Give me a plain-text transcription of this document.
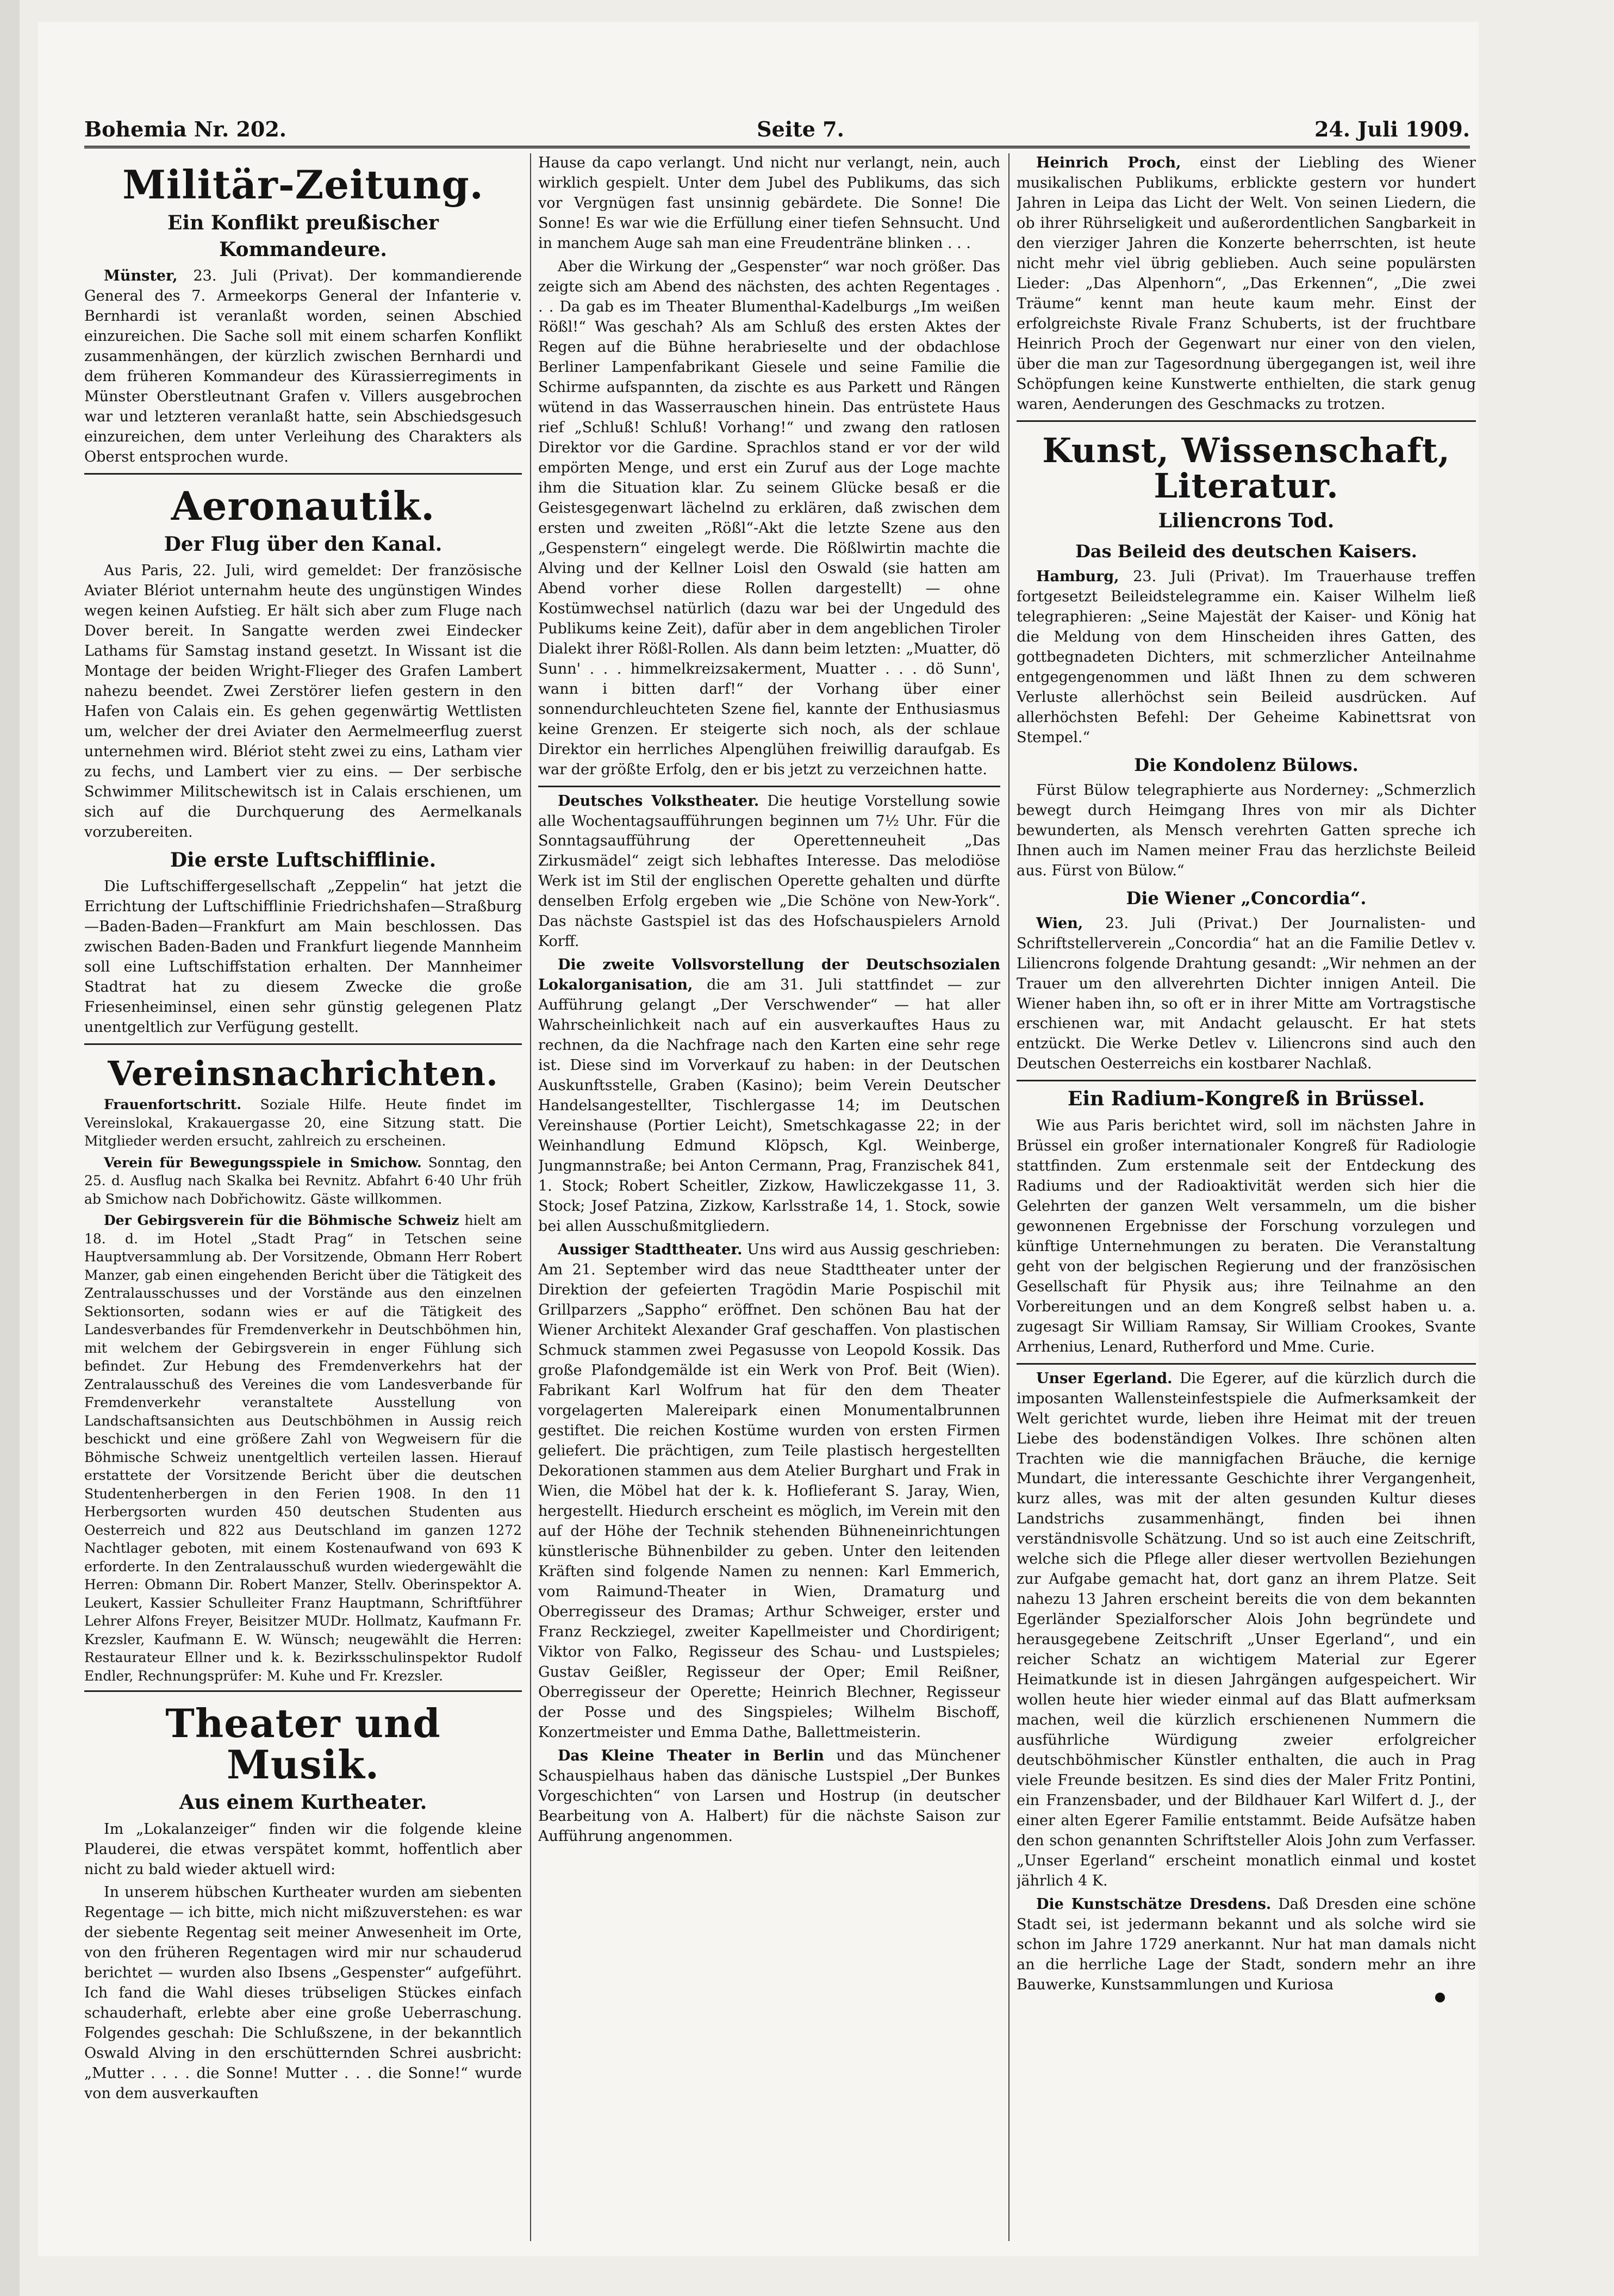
Bohemia Nr. 202.	Seite 7.	24. Juli 1909.
Militär-Zeitung.
Ein Konflikt preußischer Kommandeure.

Münster, 23. Juli (Privat). Der kommandierende General des 7. Armeekorps General der Infanterie v. Bernhardi ist veranlaßt worden, seinen Abschied einzureichen. Die Sache soll mit einem scharfen Konflikt zusammenhängen, der kürzlich zwischen Bernhardi und dem früheren Kommandeur des Kürassierregiments in Münster Oberstleutnant Grafen v. Villers ausgebrochen war und letzteren veranlaßt hatte, sein Abschiedsgesuch einzureichen, dem unter Verleihung des Charakters als Oberst entsprochen wurde.

Aeronautik.
Der Flug über den Kanal.

Aus Paris, 22. Juli, wird gemeldet: Der französische Aviater Blériot unternahm heute des ungünstigen Windes wegen keinen Aufstieg. Er hält sich aber zum Fluge nach Dover bereit. In Sangatte werden zwei Eindecker Lathams für Samstag instand gesetzt. In Wissant ist die Montage der beiden Wright-Flieger des Grafen Lambert nahezu beendet. Zwei Zerstörer liefen gestern in den Hafen von Calais ein. Es gehen gegenwärtig Wettlisten um, welcher der drei Aviater den Aermelmeerflug zuerst unternehmen wird. Blériot steht zwei zu eins, Latham vier zu fechs, und Lambert vier zu eins. — Der serbische Schwimmer Militschewitsch ist in Calais erschienen, um sich auf die Durchquerung des Aermelkanals vorzubereiten.

Die erste Luftschifflinie.

Die Luftschiffergesellschaft „Zeppelin“ hat jetzt die Errichtung der Luftschifflinie Friedrichshafen—Straßburg—Baden-Baden—Frankfurt am Main beschlossen. Das zwischen Baden-Baden und Frankfurt liegende Mannheim soll eine Luftschiffstation erhalten. Der Mannheimer Stadtrat hat zu diesem Zwecke die große Friesenheiminsel, einen sehr günstig gelegenen Platz unentgeltlich zur Verfügung gestellt.

Vereinsnachrichten.

Frauenfortschritt. Soziale Hilfe. Heute findet im Vereinslokal, Krakauergasse 20, eine Sitzung statt. Die Mitglieder werden ersucht, zahlreich zu erscheinen.

Verein für Bewegungsspiele in Smichow. Sonntag, den 25. d. Ausflug nach Skalka bei Revnitz. Abfahrt 6·40 Uhr früh ab Smichow nach Dobřichowitz. Gäste willkommen.

Der Gebirgsverein für die Böhmische Schweiz hielt am 18. d. im Hotel „Stadt Prag“ in Tetschen seine Hauptversammlung ab. Der Vorsitzende, Obmann Herr Robert Manzer, gab einen eingehenden Bericht über die Tätigkeit des Zentralausschusses und der Vorstände aus den einzelnen Sektionsorten, sodann wies er auf die Tätigkeit des Landesverbandes für Fremdenverkehr in Deutschböhmen hin, mit welchem der Gebirgsverein in enger Fühlung sich befindet. Zur Hebung des Fremdenverkehrs hat der Zentralausschuß des Vereines die vom Landesverbande für Fremdenverkehr veranstaltete Ausstellung von Landschaftsansichten aus Deutschböhmen in Aussig reich beschickt und eine größere Zahl von Wegweisern für die Böhmische Schweiz unentgeltlich verteilen lassen. Hierauf erstattete der Vorsitzende Bericht über die deutschen Studentenherbergen in den Ferien 1908. In den 11 Herbergsorten wurden 450 deutschen Studenten aus Oesterreich und 822 aus Deutschland im ganzen 1272 Nachtlager geboten, mit einem Kostenaufwand von 693 K erforderte. In den Zentralausschuß wurden wiedergewählt die Herren: Obmann Dir. Robert Manzer, Stellv. Oberinspektor A. Leukert, Kassier Schulleiter Franz Hauptmann, Schriftführer Lehrer Alfons Freyer, Beisitzer MUDr. Hollmatz, Kaufmann Fr. Krezsler, Kaufmann E. W. Wünsch; neugewählt die Herren: Restaurateur Ellner und k. k. Bezirksschulinspektor Rudolf Endler, Rechnungsprüfer: M. Kuhe und Fr. Krezsler.

Theater und Musik.
Aus einem Kurtheater.

Im „Lokalanzeiger“ finden wir die folgende kleine Plauderei, die etwas verspätet kommt, hoffentlich aber nicht zu bald wieder aktuell wird:

In unserem hübschen Kurtheater wurden am siebenten Regentage — ich bitte, mich nicht mißzuverstehen: es war der siebente Regentag seit meiner Anwesenheit im Orte, von den früheren Regentagen wird mir nur schauderud berichtet — wurden also Ibsens „Gespenster“ aufgeführt. Ich fand die Wahl dieses trübseligen Stückes einfach schauderhaft, erlebte aber eine große Ueberraschung. Folgendes geschah: Die Schlußszene, in der bekanntlich Oswald Alving in den erschütternden Schrei ausbricht: „Mutter . . . . die Sonne! Mutter . . . die Sonne!“ wurde von dem ausverkauften

Hause da capo verlangt. Und nicht nur verlangt, nein, auch wirklich gespielt. Unter dem Jubel des Publikums, das sich vor Vergnügen fast unsinnig gebärdete. Die Sonne! Die Sonne! Es war wie die Erfüllung einer tiefen Sehnsucht. Und in manchem Auge sah man eine Freudenträne blinken . . .

Aber die Wirkung der „Gespenster“ war noch größer. Das zeigte sich am Abend des nächsten, des achten Regentages . . . Da gab es im Theater Blumenthal-Kadelburgs „Im weißen Rößl!“ Was geschah? Als am Schluß des ersten Aktes der Regen auf die Bühne herabrieselte und der obdachlose Berliner Lampenfabrikant Giesele und seine Familie die Schirme aufspannten, da zischte es aus Parkett und Rängen wütend in das Wasserrauschen hinein. Das entrüstete Haus rief „Schluß! Schluß! Vorhang!“ und zwang den ratlosen Direktor vor die Gardine. Sprachlos stand er vor der wild empörten Menge, und erst ein Zuruf aus der Loge machte ihm die Situation klar. Zu seinem Glücke besaß er die Geistesgegenwart lächelnd zu erklären, daß zwischen dem ersten und zweiten „Rößl“-Akt die letzte Szene aus den „Gespenstern“ eingelegt werde. Die Rößlwirtin machte die Alving und der Kellner Loisl den Oswald (sie hatten am Abend vorher diese Rollen dargestellt) — ohne Kostümwechsel natürlich (dazu war bei der Ungeduld des Publikums keine Zeit), dafür aber in dem angeblichen Tiroler Dialekt ihrer Rößl-Rollen. Als dann beim letzten: „Muatter, dö Sunn' . . . himmelkreizsakerment, Muatter . . . dö Sunn', wann i bitten darf!“ der Vorhang über einer sonnendurchleuchteten Szene fiel, kannte der Enthusiasmus keine Grenzen. Er steigerte sich noch, als der schlaue Direktor ein herrliches Alpenglühen freiwillig daraufgab. Es war der größte Erfolg, den er bis jetzt zu verzeichnen hatte.

Deutsches Volkstheater. Die heutige Vorstellung sowie alle Wochentagsaufführungen beginnen um 7½ Uhr. Für die Sonntagsaufführung der Operettenneuheit „Das Zirkusmädel“ zeigt sich lebhaftes Interesse. Das melodiöse Werk ist im Stil der englischen Operette gehalten und dürfte denselben Erfolg ergeben wie „Die Schöne von New-York“. Das nächste Gastspiel ist das des Hofschauspielers Arnold Korff.

Die zweite Vollsvorstellung der Deutschsozialen Lokalorganisation, die am 31. Juli stattfindet — zur Aufführung gelangt „Der Verschwender“ — hat aller Wahrscheinlichkeit nach auf ein ausverkauftes Haus zu rechnen, da die Nachfrage nach den Karten eine sehr rege ist. Diese sind im Vorverkauf zu haben: in der Deutschen Auskunftsstelle, Graben (Kasino); beim Verein Deutscher Handelsangestellter, Tischlergasse 14; im Deutschen Vereinshause (Portier Leicht), Smetschkagasse 22; in der Weinhandlung Edmund Klöpsch, Kgl. Weinberge, Jungmannstraße; bei Anton Cermann, Prag, Franzischek 841, 1. Stock; Robert Scheitler, Zizkow, Hawliczekgasse 11, 3. Stock; Josef Patzina, Zizkow, Karlsstraße 14, 1. Stock, sowie bei allen Ausschußmitgliedern.

Aussiger Stadttheater. Uns wird aus Aussig geschrieben: Am 21. September wird das neue Stadttheater unter der Direktion der gefeierten Tragödin Marie Pospischil mit Grillparzers „Sappho“ eröffnet. Den schönen Bau hat der Wiener Architekt Alexander Graf geschaffen. Von plastischen Schmuck stammen zwei Pegasusse von Leopold Kossik. Das große Plafondgemälde ist ein Werk von Prof. Beit (Wien). Fabrikant Karl Wolfrum hat für den dem Theater vorgelagerten Malereipark einen Monumentalbrunnen gestiftet. Die reichen Kostüme wurden von ersten Firmen geliefert. Die prächtigen, zum Teile plastisch hergestellten Dekorationen stammen aus dem Atelier Burghart und Frak in Wien, die Möbel hat der k. k. Hoflieferant S. Jaray, Wien, hergestellt. Hiedurch erscheint es möglich, im Verein mit den auf der Höhe der Technik stehenden Bühneneinrichtungen künstlerische Bühnenbilder zu geben. Unter den leitenden Kräften sind folgende Namen zu nennen: Karl Emmerich, vom Raimund-Theater in Wien, Dramaturg und Oberregisseur des Dramas; Arthur Schweiger, erster und Franz Reckziegel, zweiter Kapellmeister und Chordirigent; Viktor von Falko, Regisseur des Schau- und Lustspieles; Gustav Geißler, Regisseur der Oper; Emil Reißner, Oberregisseur der Operette; Heinrich Blechner, Regisseur der Posse und des Singspieles; Wilhelm Bischoff, Konzertmeister und Emma Dathe, Ballettmeisterin.

Das Kleine Theater in Berlin und das Münchener Schauspielhaus haben das dänische Lustspiel „Der Bunkes Vorgeschichten“ von Larsen und Hostrup (in deutscher Bearbeitung von A. Halbert) für die nächste Saison zur Aufführung angenommen.

Heinrich Proch, einst der Liebling des Wiener musikalischen Publikums, erblickte gestern vor hundert Jahren in Leipa das Licht der Welt. Von seinen Liedern, die ob ihrer Rührseligkeit und außerordentlichen Sangbarkeit in den vierziger Jahren die Konzerte beherrschten, ist heute nicht mehr viel übrig geblieben. Auch seine populärsten Lieder: „Das Alpenhorn“, „Das Erkennen“, „Die zwei Träume“ kennt man heute kaum mehr. Einst der erfolgreichste Rivale Franz Schuberts, ist der fruchtbare Heinrich Proch der Gegenwart nur einer von den vielen, über die man zur Tagesordnung übergegangen ist, weil ihre Schöpfungen keine Kunstwerte enthielten, die stark genug waren, Aenderungen des Geschmacks zu trotzen.

Kunst, Wissenschaft, Literatur.
Liliencrons Tod.
Das Beileid des deutschen Kaisers.

Hamburg, 23. Juli (Privat). Im Trauerhause treffen fortgesetzt Beileidstelegramme ein. Kaiser Wilhelm ließ telegraphieren: „Seine Majestät der Kaiser- und König hat die Meldung von dem Hinscheiden ihres Gatten, des gottbegnadeten Dichters, mit schmerzlicher Anteilnahme entgegengenommen und läßt Ihnen zu dem schweren Verluste allerhöchst sein Beileid ausdrücken. Auf allerhöchsten Befehl: Der Geheime Kabinettsrat von Stempel.“

Die Kondolenz Bülows.

Fürst Bülow telegraphierte aus Norderney: „Schmerzlich bewegt durch Heimgang Ihres von mir als Dichter bewunderten, als Mensch verehrten Gatten spreche ich Ihnen auch im Namen meiner Frau das herzlichste Beileid aus. Fürst von Bülow.“

Die Wiener „Concordia“.

Wien, 23. Juli (Privat.) Der Journalisten- und Schriftstellerverein „Concordia“ hat an die Familie Detlev v. Liliencrons folgende Drahtung gesandt: „Wir nehmen an der Trauer um den allverehrten Dichter innigen Anteil. Die Wiener haben ihn, so oft er in ihrer Mitte am Vortragstische erschienen war, mit Andacht gelauscht. Er hat stets entzückt. Die Werke Detlev v. Liliencrons sind auch den Deutschen Oesterreichs ein kostbarer Nachlaß.

Ein Radium-Kongreß in Brüssel.

Wie aus Paris berichtet wird, soll im nächsten Jahre in Brüssel ein großer internationaler Kongreß für Radiologie stattfinden. Zum erstenmale seit der Entdeckung des Radiums und der Radioaktivität werden sich hier die Gelehrten der ganzen Welt versammeln, um die bisher gewonnenen Ergebnisse der Forschung vorzulegen und künftige Unternehmungen zu beraten. Die Veranstaltung geht von der belgischen Regierung und der französischen Gesellschaft für Physik aus; ihre Teilnahme an den Vorbereitungen und an dem Kongreß selbst haben u. a. zugesagt Sir William Ramsay, Sir William Crookes, Svante Arrhenius, Lenard, Rutherford und Mme. Curie.

Unser Egerland. Die Egerer, auf die kürzlich durch die imposanten Wallensteinfestspiele die Aufmerksamkeit der Welt gerichtet wurde, lieben ihre Heimat mit der treuen Liebe des bodenständigen Volkes. Ihre schönen alten Trachten wie die mannigfachen Bräuche, die kernige Mundart, die interessante Geschichte ihrer Vergangenheit, kurz alles, was mit der alten gesunden Kultur dieses Landstrichs zusammenhängt, finden bei ihnen verständnisvolle Schätzung. Und so ist auch eine Zeitschrift, welche sich die Pflege aller dieser wertvollen Beziehungen zur Aufgabe gemacht hat, dort ganz an ihrem Platze. Seit nahezu 13 Jahren erscheint bereits die von dem bekannten Egerländer Spezialforscher Alois John begründete und herausgegebene Zeitschrift „Unser Egerland“, und ein reicher Schatz an wichtigem Material zur Egerer Heimatkunde ist in diesen Jahrgängen aufgespeichert. Wir wollen heute hier wieder einmal auf das Blatt aufmerksam machen, weil die kürzlich erschienenen Nummern die ausführliche Würdigung zweier erfolgreicher deutschböhmischer Künstler enthalten, die auch in Prag viele Freunde besitzen. Es sind dies der Maler Fritz Pontini, ein Franzensbader, und der Bildhauer Karl Wilfert d. J., der einer alten Egerer Familie entstammt. Beide Aufsätze haben den schon genannten Schriftsteller Alois John zum Verfasser. „Unser Egerland“ erscheint monatlich einmal und kostet jährlich 4 K.

Die Kunstschätze Dresdens. Daß Dresden eine schöne Stadt sei, ist jedermann bekannt und als solche wird sie schon im Jahre 1729 anerkannt. Nur hat man damals nicht an die herrliche Lage der Stadt, sondern mehr an ihre Bauwerke, Kunstsammlungen und Kuriosa
